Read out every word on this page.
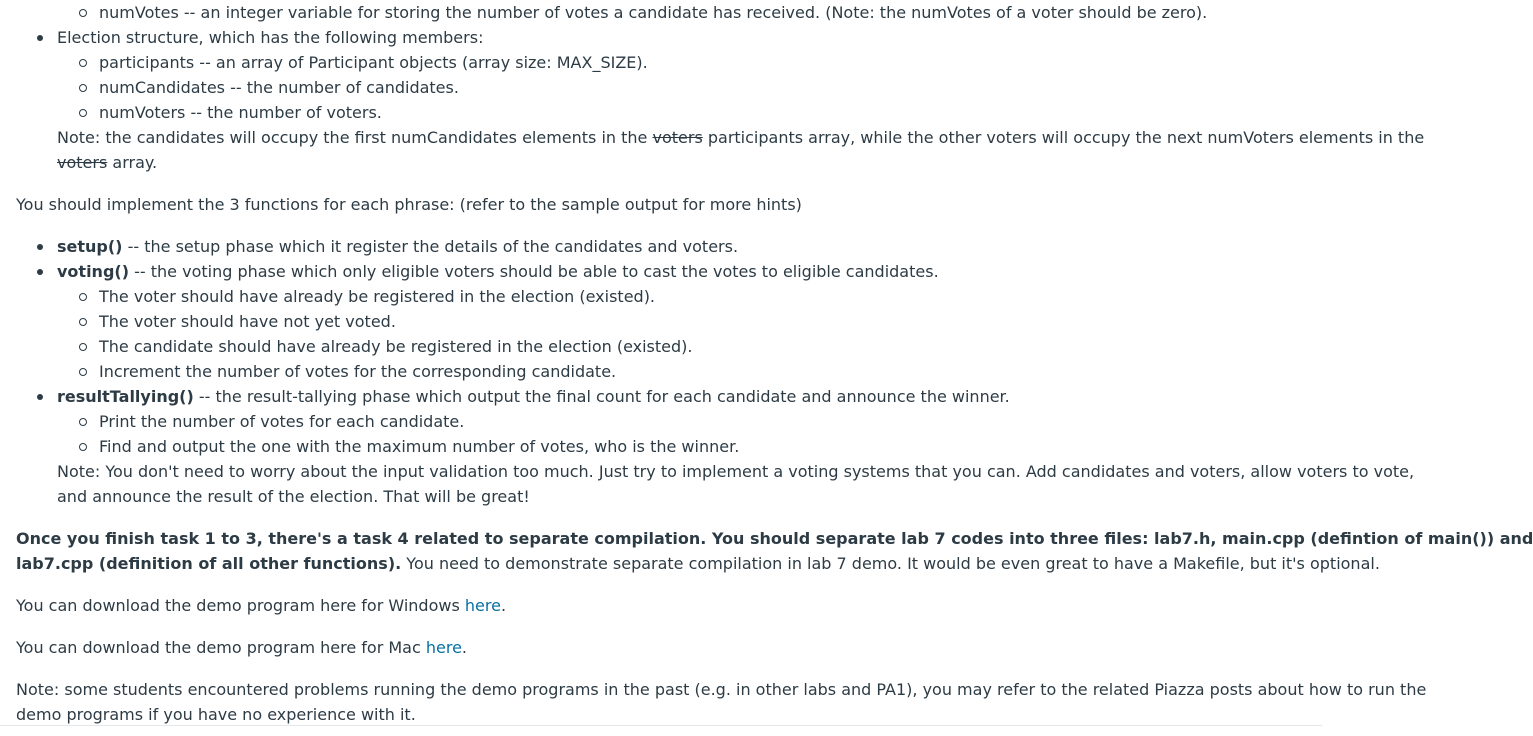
numVotes -- an integer variable for storing the number of votes a candidate has received. (Note: the numVotes of a voter should be zero).
Election structure, which has the following members:
participants -- an array of Participant objects (array size: MAX_SIZE).
numCandidates -- the number of candidates.
numVoters -- the number of voters.
Note: the candidates will occupy the first numCandidates elements in the voters participants array, while the other voters will occupy the next numVoters elements in the
voters array.
You should implement the 3 functions for each phrase: (refer to the sample output for more hints)
setup() -- the setup phase which it register the details of the candidates and voters.
voting() -- the voting phase which only eligible voters should be able to cast the votes to eligible candidates.
The voter should have already be registered in the election (existed).
The voter should have not yet voted.
The candidate should have already be registered in the election (existed).
Increment the number of votes for the corresponding candidate.
resultTallying() -- the result-tallying phase which output the final count for each candidate and announce the winner.
Print the number of votes for each candidate.
Find and output the one with the maximum number of votes, who is the winner.
Note: You don't need to worry about the input validation too much. Just try to implement a voting systems that you can. Add candidates and voters, allow voters to vote,
and announce the result of the election. That will be great!
Once you finish task 1 to 3, there's a task 4 related to separate compilation. You should separate lab 7 codes into three files: lab7.h, main.cpp (defintion of main()) and
lab7.cpp (definition of all other functions). You need to demonstrate separate compilation in lab 7 demo. It would be even great to have a Makefile, but it's optional.
You can download the demo program here for Windows here.
You can download the demo program here for Mac here.
Note: some students encountered problems running the demo programs in the past (e.g. in other labs and PA1), you may refer to the related Piazza posts about how to run the
demo programs if you have no experience with it.
